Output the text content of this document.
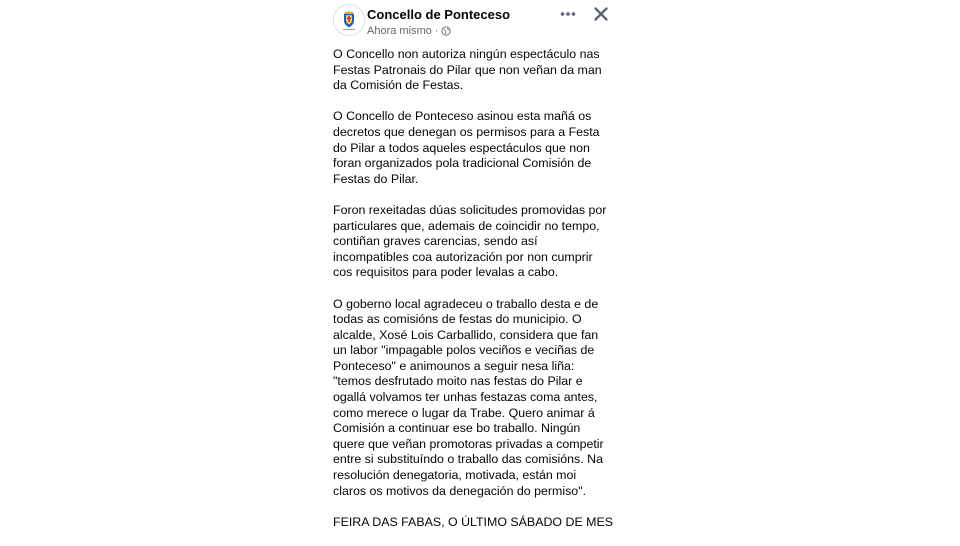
Concello de Ponteceso
Ahora mismo ·

O Concello non autoriza ningún espectáculo nas
Festas Patronais do Pilar que non veñan da man
da Comisión de Festas.

O Concello de Ponteceso asinou esta mañá os
decretos que denegan os permisos para a Festa
do Pilar a todos aqueles espectáculos que non
foran organizados pola tradicional Comisión de
Festas do Pilar.

Foron rexeitadas dúas solicitudes promovidas por
particulares que, ademais de coincidir no tempo,
contiñan graves carencias, sendo así
incompatibles coa autorización por non cumprir
cos requisitos para poder levalas a cabo.

O goberno local agradeceu o traballo desta e de
todas as comisións de festas do municipio. O
alcalde, Xosé Lois Carballido, considera que fan
un labor "impagable polos veciños e veciñas de
Ponteceso" e animounos a seguir nesa liña:
"temos desfrutado moito nas festas do Pilar e
ogallá volvamos ter unhas festazas coma antes,
como merece o lugar da Trabe. Quero animar á
Comisión a continuar ese bo traballo. Ningún
quere que veñan promotoras privadas a competir
entre si substituíndo o traballo das comisións. Na
resolución denegatoria, motivada, están moi
claros os motivos da denegación do permiso".

FEIRA DAS FABAS, O ÚLTIMO SÁBADO DE MES
